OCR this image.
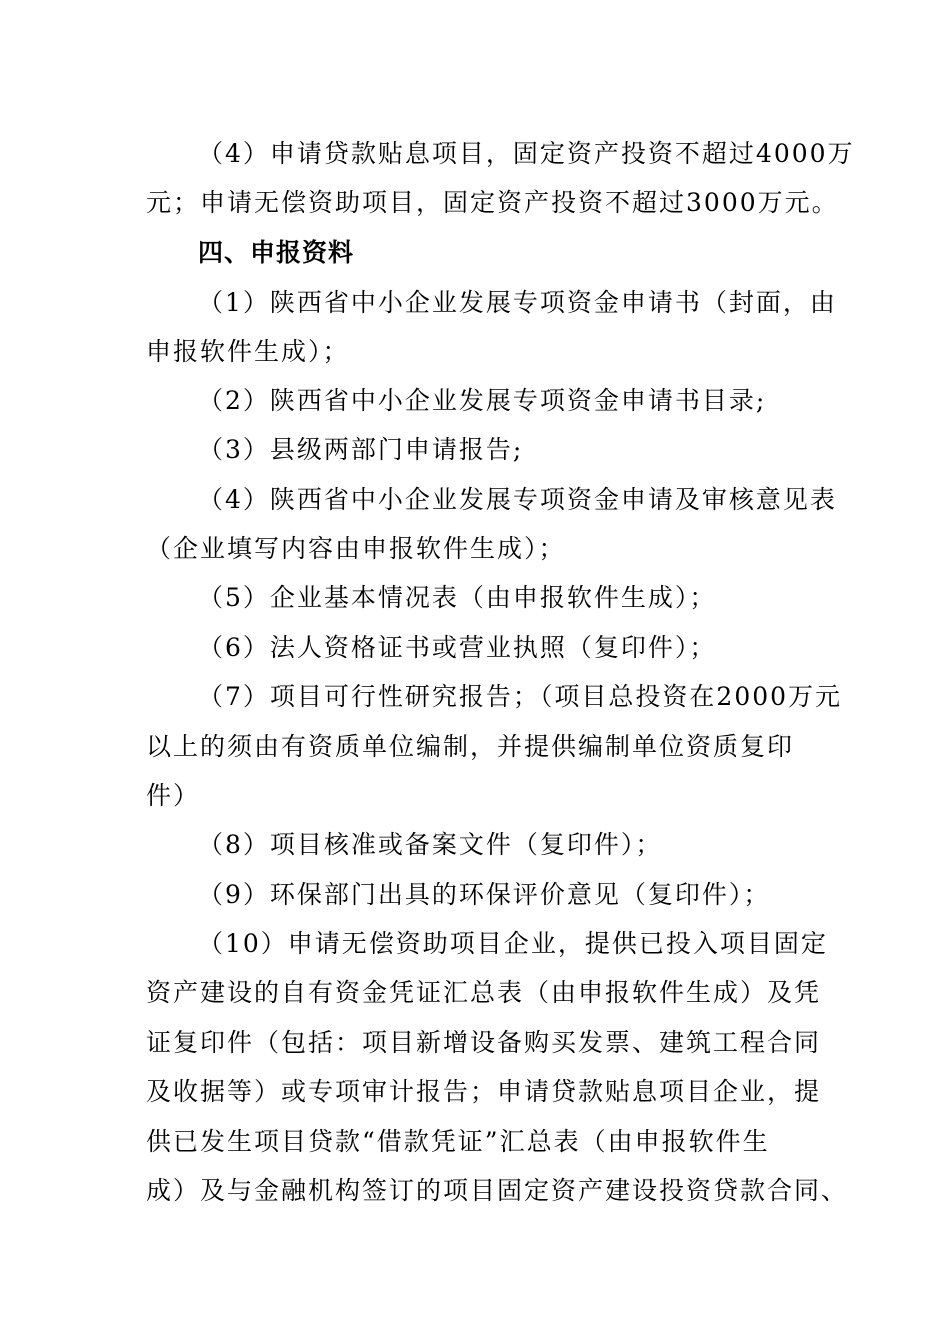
（4）申请贷款贴息项目，固定资产投资不超过4000万
元；申请无偿资助项目，固定资产投资不超过3000万元。
四、申报资料
（1）陕西省中小企业发展专项资金申请书（封面，由
申报软件生成）；
（2）陕西省中小企业发展专项资金申请书目录;
（3）县级两部门申请报告;
（4）陕西省中小企业发展专项资金申请及审核意见表
（企业填写内容由申报软件生成）；
（5）企业基本情况表（由申报软件生成）；
（6）法人资格证书或营业执照（复印件）；
（7）项目可行性研究报告；（项目总投资在2000万元
以上的须由有资质单位编制，并提供编制单位资质复印
件）
（8）项目核准或备案文件（复印件）；
（9）环保部门出具的环保评价意见（复印件）；
（10）申请无偿资助项目企业，提供已投入项目固定
资产建设的自有资金凭证汇总表（由申报软件生成）及凭
证复印件（包括：项目新增设备购买发票、建筑工程合同
及收据等）或专项审计报告；申请贷款贴息项目企业，提
供已发生项目贷款“借款凭证”汇总表（由申报软件生
成）及与金融机构签订的项目固定资产建设投资贷款合同、
